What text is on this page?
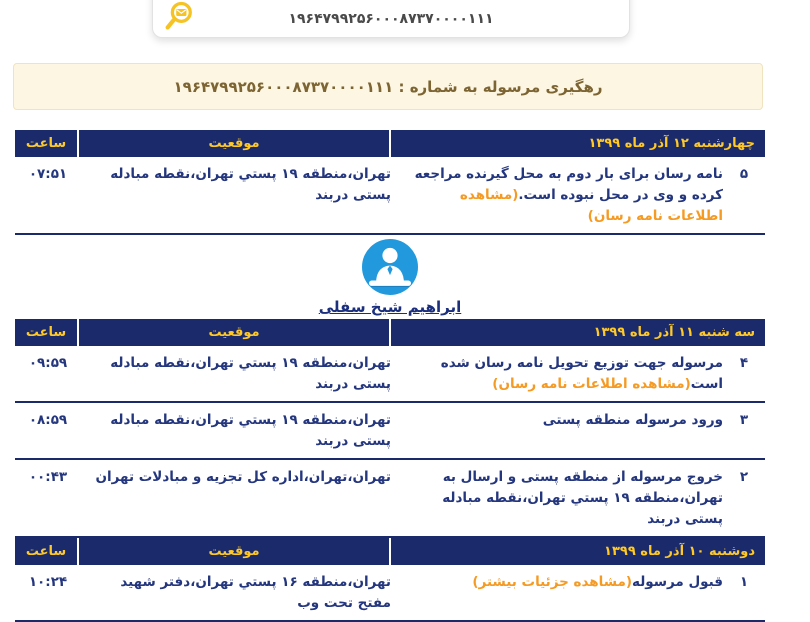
۱۹۶۴۷۹۹۲۵۶۰۰۰۸۷۳۷۰۰۰۰۱۱۱
رهگیری مرسوله به شماره : ۱۹۶۴۷۹۹۲۵۶۰۰۰۸۷۳۷۰۰۰۰۱۱۱
چهارشنبه ۱۲ آذر ماه ۱۳۹۹
موقعیت
ساعت
۵
نامه رسان برای بار دوم به محل گیرنده مراجعه کرده و وی در محل نبوده است.(مشاهده اطلاعات نامه رسان)
تهران،منطقه ۱۹ پستي تهران،نقطه مبادله پستی دربند
۰۷:۵۱
ابراهیم شیخ سفلی
سه شنبه ۱۱ آذر ماه ۱۳۹۹
موقعیت
ساعت
۴
مرسوله جهت توزیع تحویل نامه رسان شده است(مشاهده اطلاعات نامه رسان)
تهران،منطقه ۱۹ پستي تهران،نقطه مبادله پستی دربند
۰۹:۵۹
۳
ورود مرسوله منطقه پستی
تهران،منطقه ۱۹ پستي تهران،نقطه مبادله پستی دربند
۰۸:۵۹
۲
خروج مرسوله از منطقه پستی و ارسال به تهران،منطقه ۱۹ پستي تهران،نقطه مبادله پستی دربند
تهران،تهران،اداره کل تجزیه و مبادلات تهران
۰۰:۴۳
دوشنبه ۱۰ آذر ماه ۱۳۹۹
موقعیت
ساعت
۱
قبول مرسوله(مشاهده جزئیات بیشتر)
تهران،منطقه ۱۶ پستي تهران،دفتر شهید مفتح تحت وب
۱۰:۲۴
